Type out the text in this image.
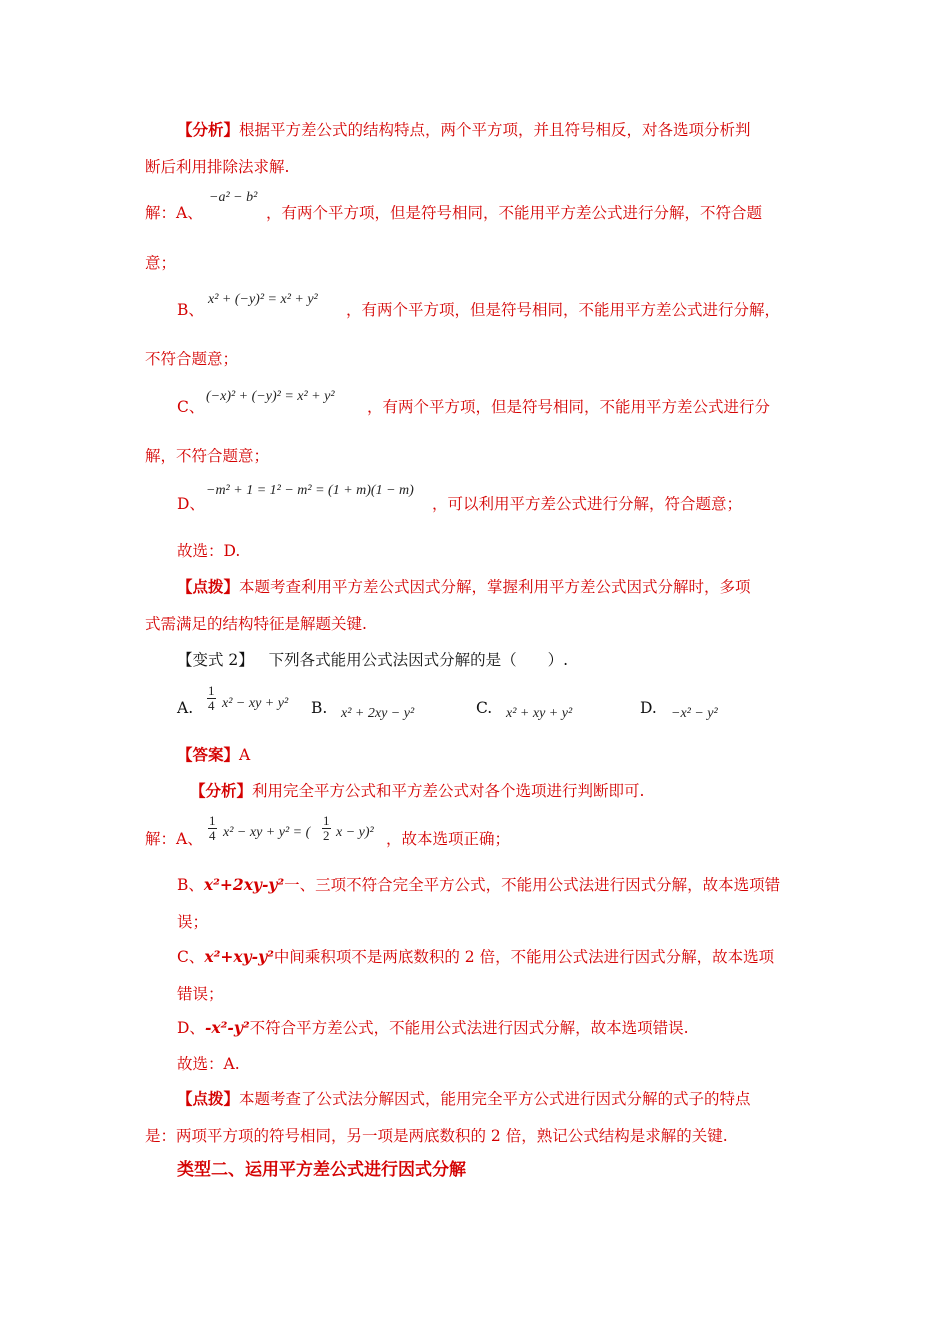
【分析】根据平方差公式的结构特点，两个平方项，并且符号相反，对各选项分析判
断后利用排除法求解.
解：A、
−a² − b²
，有两个平方项，但是符号相同，不能用平方差公式进行分解，不符合题
意；
B、
x² + (−y)² = x² + y²
，有两个平方项，但是符号相同，不能用平方差公式进行分解，
不符合题意；
C、
(−x)² + (−y)² = x² + y²
，有两个平方项，但是符号相同，不能用平方差公式进行分
解，不符合题意；
D、
−m² + 1 = 1² − m² = (1 + m)(1 − m)
，可以利用平方差公式进行分解，符合题意；
故选：D.
【点拨】本题考查利用平方差公式因式分解，掌握利用平方差公式因式分解时，多项
式需满足的结构特征是解题关键.
【变式 2】 下列各式能用公式法因式分解的是（　　）.
A. $\frac{1}{4} x^2$ − xy + y² B. x² + 2xy − y²	C. x² + xy + y²	D. −x² − y²
【答案】A
【分析】利用完全平方公式和平方差公式对各个选项进行判断即可.
解：A、 $\frac{1}{4} x^2$ − xy + y² = ( $\frac{1}{2}$ x − y)² ，故本选项正确；
B、x²+2xy-y²一、三项不符合完全平方公式，不能用公式法进行因式分解，故本选项错
误；
C、x²+xy-y²中间乘积项不是两底数积的 2 倍，不能用公式法进行因式分解，故本选项
错误；
D、-x²-y²不符合平方差公式，不能用公式法进行因式分解，故本选项错误.
故选：A.
【点拨】本题考查了公式法分解因式，能用完全平方公式进行因式分解的式子的特点
是：两项平方项的符号相同，另一项是两底数积的 2 倍，熟记公式结构是求解的关键.
类型二、运用平方差公式进行因式分解
